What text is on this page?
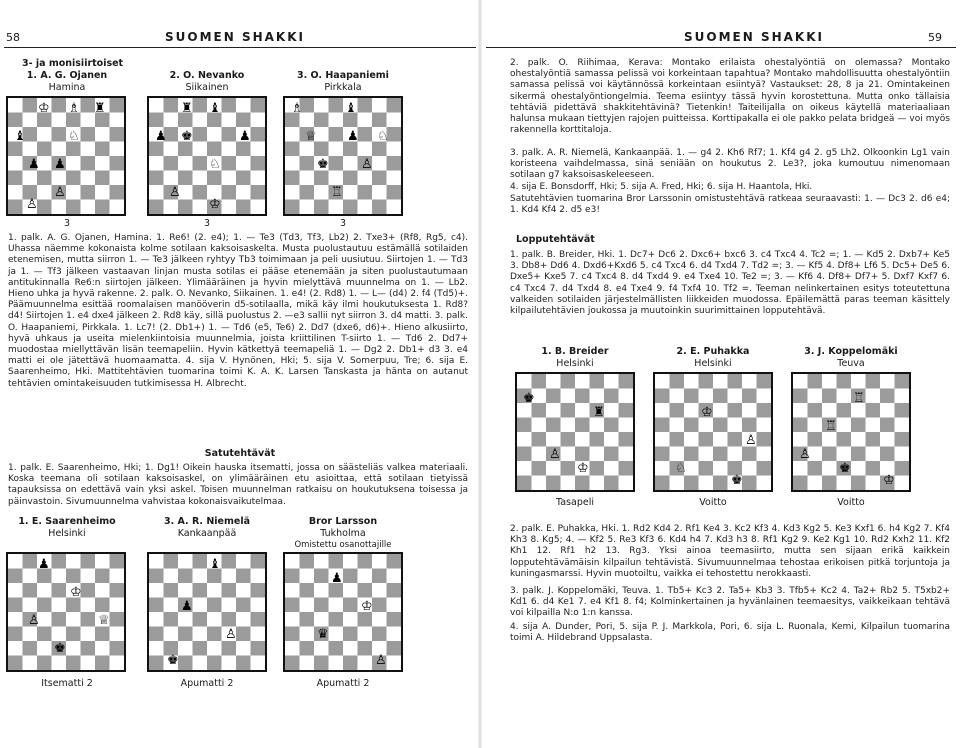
58	SUOMEN SHAKKI
3- ja monisiirtoiset
1. A. G. Ojanen
Hamina
♔ ♗ ♜
♝	♘
♟ ♟
♙
♙
3
2. O. Nevanko
Siikainen
♜ ♝
♟ ♚	♟
♘
♙
♔
3
3. O. Haapaniemi
Pirkkala
♗	♝
♕ ♟ ♘
♚ ♙
♖
3
1. palk. A. G. Ojanen, Hamina. 1. Re6! (2. e4); 1. — Te3 (Td3, Tf3, Lb2) 2. Txe3+ (Rf8, Rg5, c4). Uhassa näemme kokonaista kolme sotilaan kaksoisaskelta. Musta puolustautuu estämällä sotilaiden etenemisen, mutta siirron 1. — Te3 jälkeen ryhtyy Tb3 toimimaan ja peli uusiutuu. Siirtojen 1. — Td3 ja 1. — Tf3 jälkeen vastaavan linjan musta sotilas ei pääse etenemään ja siten puolustautumaan antitukinnalla Re6:n siirtojen jälkeen. Ylimääräinen ja hyvin mielyttävä muunnelma on 1. — Lb2. Hieno uhka ja hyvä rakenne. 2. palk. O. Nevanko, Siikainen. 1. e4! (2. Rd8) 1. — L— (d4) 2. f4 (Td5)+. Päämuunnelma esittää roomalaisen manööverin d5-sotilaalla, mikä käy ilmi houkutuksesta 1. Rd8? d4! Siirtojen 1. e4 dxe4 jälkeen 2. Rd8 käy, sillä puolustus 2. —e3 sallii nyt siirron 3. d4 matti. 3. palk. O. Haapaniemi, Pirkkala. 1. Lc7! (2. Db1+) 1. — Td6 (e5, Te6) 2. Dd7 (dxe6, d6)+. Hieno alkusiirto, hyvä uhkaus ja useita mielenkiintoisia muunnelmia, joista kriittilinen T-siirto 1. — Td6 2. Dd7+ muodostaa miellyttävän lisän teemapeliin. Hyvin kätkettyä teemapeliä 1. — Dg2 2. Db1+ d3 3. e4 matti ei ole jätettävä huomaamatta. 4. sija V. Hynönen, Hki; 5. sija V. Somerpuu, Tre; 6. sija E. Saarenheimo, Hki. Mattitehtävien tuomarina toimi K. A. K. Larsen Tanskasta ja hänta on autanut tehtävien omintakeisuuden tutkimisessa H. Albrecht.
Satutehtävät
1. palk. E. Saarenheimo, Hki; 1. Dg1! Oikein hauska itsematti, jossa on säästeliäs valkea materiaali. Koska teemana oli sotilaan kaksoisaskel, on ylimääräinen etu asioittaa, että sotilaan tietyissä tapauksissa on edettävä vain yksi askel. Toisen muunnelman ratkaisu on houkutuksena toisessa ja päinvastoin. Sivumuunnelma vahvistaa kokonaisvaikutelmaa.
1. E. Saarenheimo
Helsinki
♟
♔
♙	♕
♚
Itsematti 2
3. A. R. Niemelä
Kankaanpää
♝
♟
♙
♚
Apumatti 2
Bror Larsson
Tukholma
Omistettu osanottajille
♟
♔
♛
♙
Apumatti 2
SUOMEN SHAKKI	59
2. palk. O. Riihimaa, Kerava: Montako erilaista ohestalyöntiä on olemassa? Montako ohestalyöntiä samassa pelissä voi korkeintaan tapahtua? Montako mahdollisuutta ohestalyöntiin samassa pelissä voi käytännössä korkeintaan esiintyä? Vastaukset: 28, 8 ja 21. Omintakeinen sikermä ohestalyöntiongelmia. Teema esiintyy tässä hyvin korostettuna. Mutta onko tällaisia tehtäviä pidettävä shakkitehtävinä? Tietenkin! Taiteilijalla on oikeus käytellä materiaaliaan halunsa mukaan tiettyjen rajojen puitteissa. Korttipakalla ei ole pakko pelata bridgeä — voi myös rakennella korttitaloja.
3. palk. A. R. Niemelä, Kankaanpää. 1. — g4 2. Kh6 Rf7; 1. Kf4 g4 2. g5 Lh2. Olkoonkin Lg1 vain koristeena vaihdelmassa, sinä seniään on houkutus 2. Le3?, joka kumoutuu nimenomaan sotilaan g7 kaksoisaskeleeseen.
4. sija E. Bonsdorff, Hki; 5. sija A. Fred, Hki; 6. sija H. Haantola, Hki.
Satutehtävien tuomarina Bror Larssonin omistustehtävä ratkeaa seuraavasti: 1. — Dc3 2. d6 e4; 1. Kd4 Kf4 2. d5 e3!
Lopputehtävät
1. palk. B. Breider, Hki. 1. Dc7+ Dc6 2. Dxc6+ bxc6 3. c4 Txc4 4. Tc2 =; 1. — Kd5 2. Dxb7+ Ke5 3. Db8+ Dd6 4. Dxd6+Kxd6 5. c4 Txc4 6. d4 Txd4 7. Td2 =; 3. — Kf5 4. Df8+ Lf6 5. Dc5+ De5 6. Dxe5+ Kxe5 7. c4 Txc4 8. d4 Txd4 9. e4 Txe4 10. Te2 =; 3. — Kf6 4. Df8+ Df7+ 5. Dxf7 Kxf7 6. c4 Txc4 7. d4 Txd4 8. e4 Txe4 9. f4 Txf4 10. Tf2 =. Teeman nelinkertainen esitys toteutettuna valkeiden sotilaiden järjestelmällisten liikkeiden muodossa. Epäilemättä paras teeman käsittely kilpailutehtävien joukossa ja muutoinkin suurimittainen lopputehtävä.
1. B. Breider
Helsinki
♚
♜
♙
♔
Tasapeli
2. E. Puhakka
Helsinki
♔
♙
♘
♚
Voitto
3. J. Koppelomäki
Teuva
♖
♖
♙
♚
♔
Voitto
2. palk. E. Puhakka, Hki. 1. Rd2 Kd4 2. Rf1 Ke4 3. Kc2 Kf3 4. Kd3 Kg2 5. Ke3 Kxf1 6. h4 Kg2 7. Kf4 Kh3 8. Kg5; 4. — Kf2 5. Re3 Kf3 6. Kd4 h4 7. Kd3 h3 8. Rf1 Kg2 9. Ke2 Kg1 10. Rd2 Kxh2 11. Kf2 Kh1 12. Rf1 h2 13. Rg3. Yksi ainoa teemasiirto, mutta sen sijaan erikä kaikkein lopputehtävämäisin kilpailun tehtävistä. Sivumuunnelmaa tehostaa erikoisen pitkä torjuntoja ja kuningasmarssi. Hyvin muotoiltu, vaikka ei tehostettu nerokkaasti.
3. palk. J. Koppelomäki, Teuva. 1. Tb5+ Kc3 2. Ta5+ Kb3 3. Tfb5+ Kc2 4. Ta2+ Rb2 5. T5xb2+ Kd1 6. d4 Ke1 7. e4 Kf1 8. f4; Kolminkertainen ja hyvänlainen teemaesitys, vaikkeikaan tehtävä voi kilpailla N:o 1:n kanssa.
4. sija A. Dunder, Pori, 5. sija P. J. Markkola, Pori, 6. sija L. Ruonala, Kemi, Kilpailun tuomarina toimi A. Hildebrand Uppsalasta.
